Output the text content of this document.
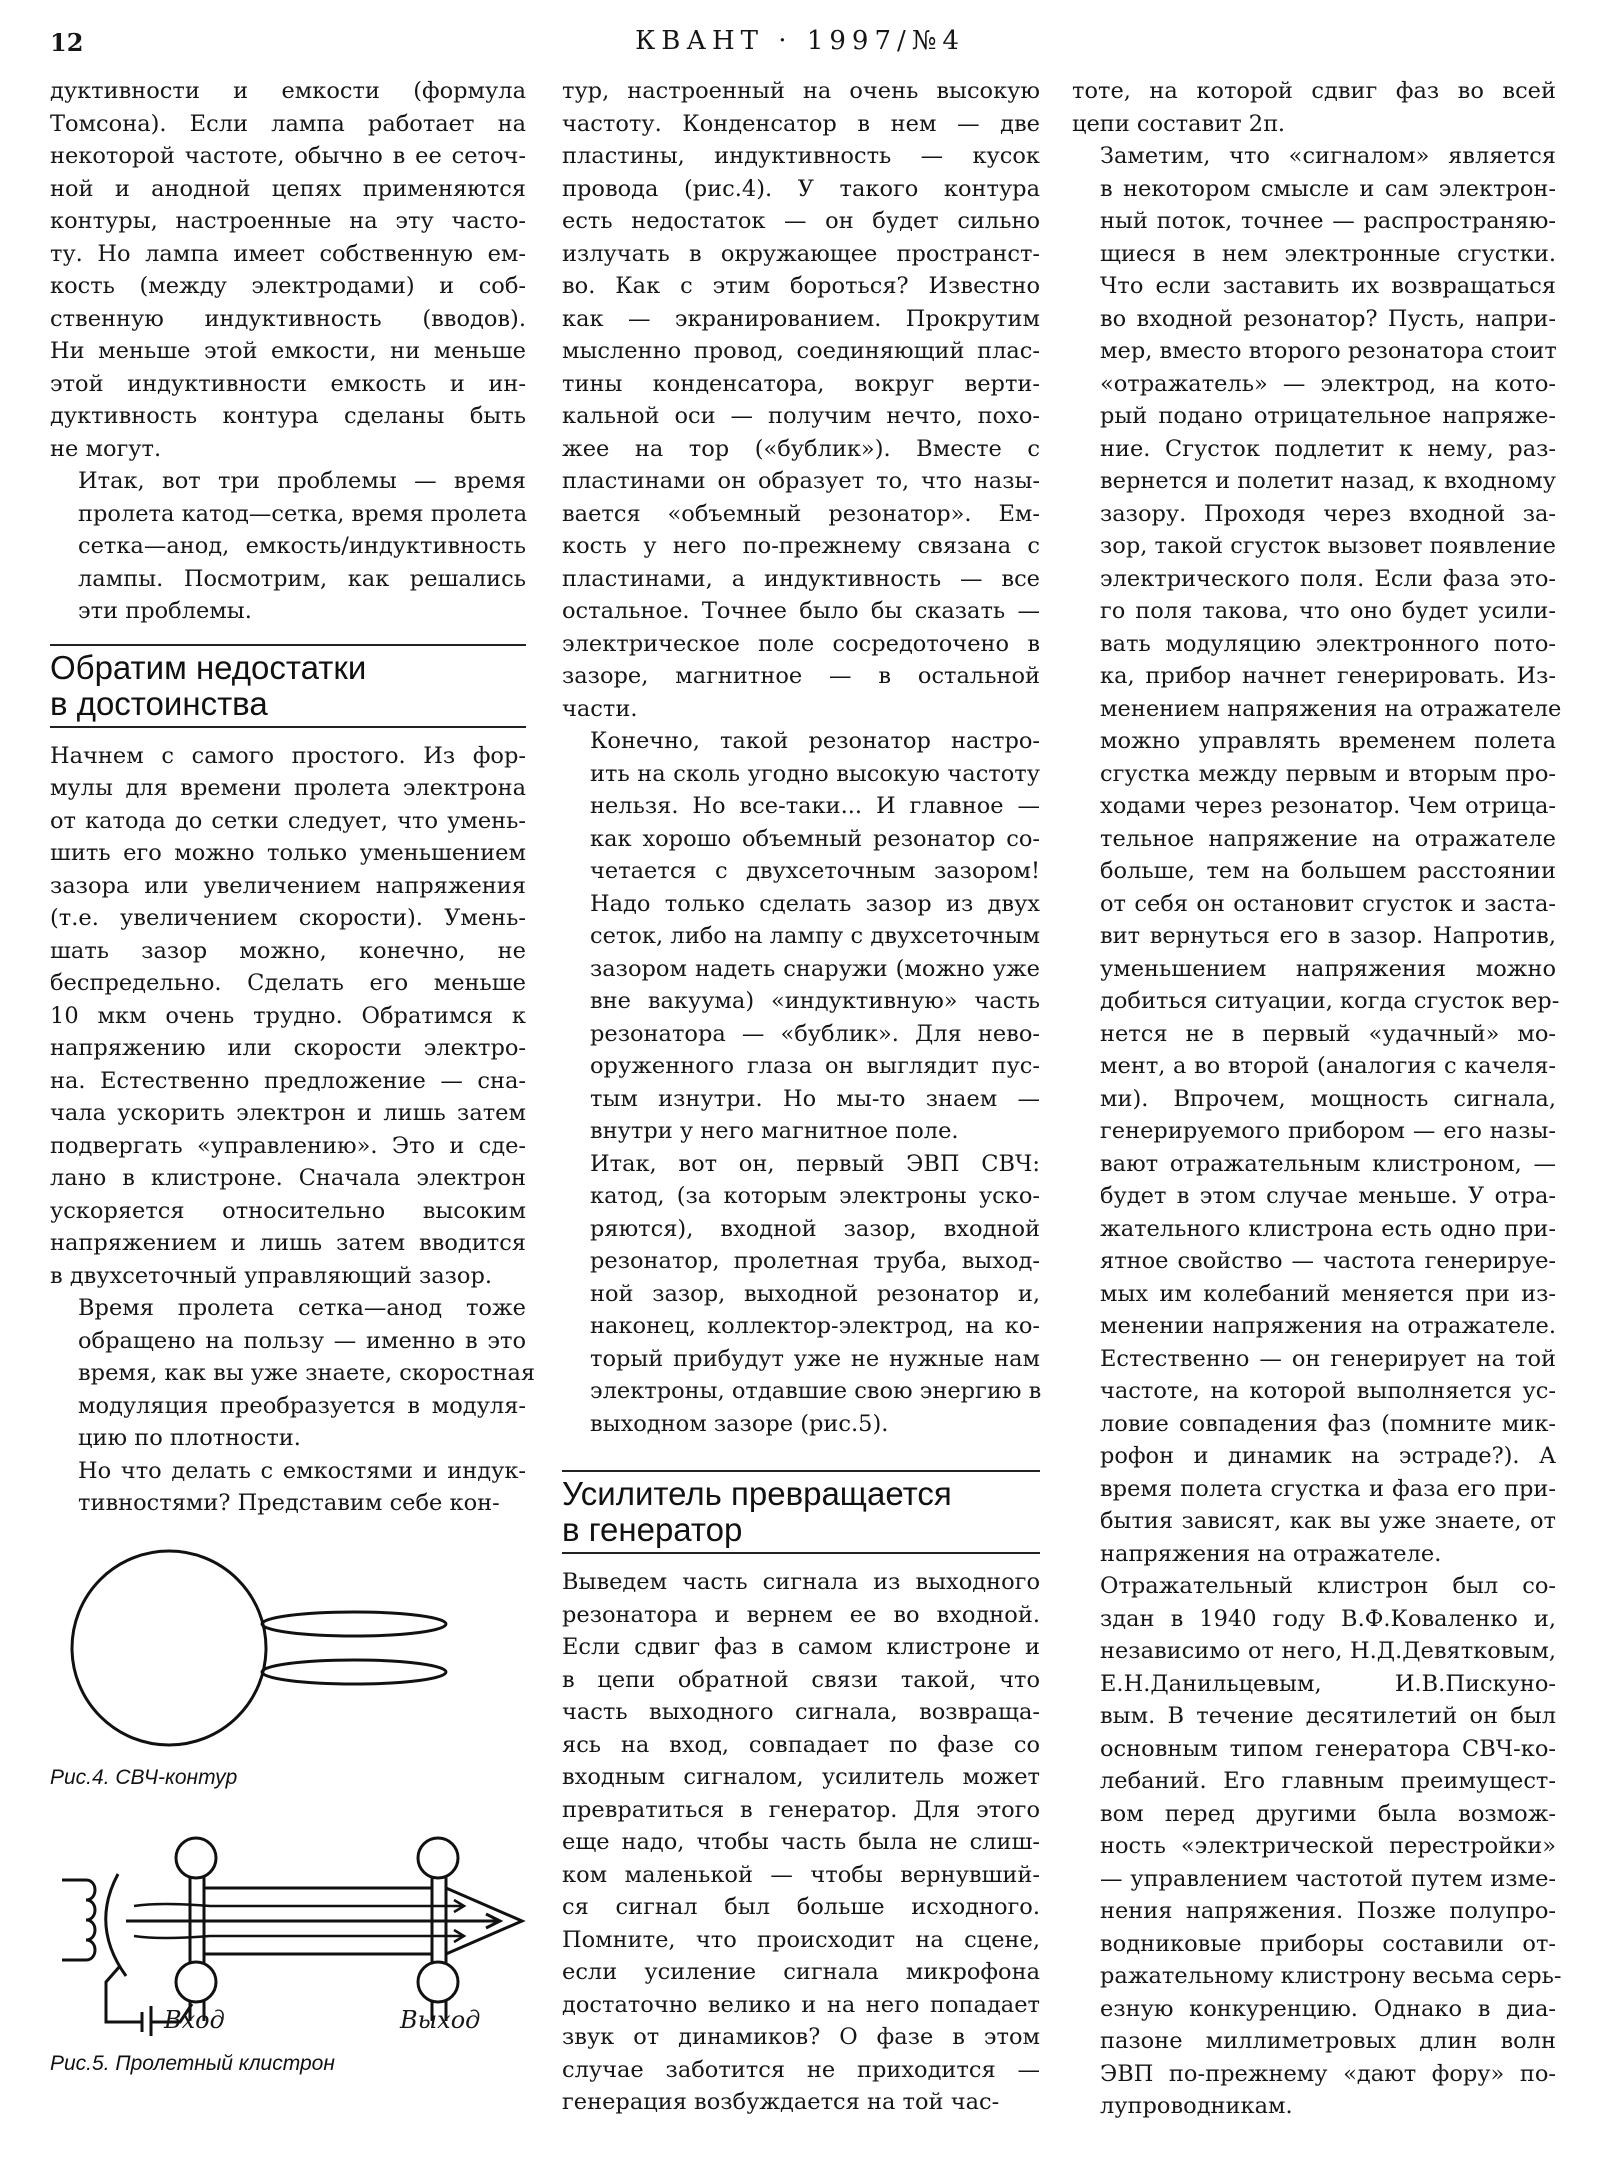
12	КВАНТ · 1997/№4

дуктивности и емкости (формула
Томсона). Если лампа работает на
некоторой частоте, обычно в ее сеточ-
ной и анодной цепях применяются
контуры, настроенные на эту часто-
ту. Но лампа имеет собственную ем-
кость (между электродами) и соб-
ственную индуктивность (вводов).
Ни меньше этой емкости, ни меньше
этой индуктивности емкость и ин-
дуктивность контура сделаны быть
не могут.

Итак, вот три проблемы — время
пролета катод—сетка, время пролета
сетка—анод, емкость/индуктивность
лампы. Посмотрим, как решались
эти проблемы.

Обратим недостатки
в достоинства

Начнем с самого простого. Из фор-
мулы для времени пролета электрона
от катода до сетки следует, что умень-
шить его можно только уменьшением
зазора или увеличением напряжения
(т.е. увеличением скорости). Умень-
шать зазор можно, конечно, не
беспредельно. Сделать его меньше
10 мкм очень трудно. Обратимся к
напряжению или скорости электро-
на. Естественно предложение — сна-
чала ускорить электрон и лишь затем
подвергать «управлению». Это и сде-
лано в клистроне. Сначала электрон
ускоряется относительно высоким
напряжением и лишь затем вводится
в двухсеточный управляющий зазор.

Время пролета сетка—анод тоже
обращено на пользу — именно в это
время, как вы уже знаете, скоростная
модуляция преобразуется в модуля-
цию по плотности.

Но что делать с емкостями и индук-
тивностями? Представим себе кон-

Рис.4. СВЧ-контур
Вход	Выход
Рис.5. Пролетный клистрон

тур, настроенный на очень высокую
частоту. Конденсатор в нем — две
пластины, индуктивность — кусок
провода (рис.4). У такого контура
есть недостаток — он будет сильно
излучать в окружающее пространст-
во. Как с этим бороться? Известно
как — экранированием. Прокрутим
мысленно провод, соединяющий плас-
тины конденсатора, вокруг верти-
кальной оси — получим нечто, похо-
жее на тор («бублик»). Вместе с
пластинами он образует то, что назы-
вается «объемный резонатор». Ем-
кость у него по-прежнему связана с
пластинами, а индуктивность — все
остальное. Точнее было бы сказать —
электрическое поле сосредоточено в
зазоре, магнитное — в остальной
части.

Конечно, такой резонатор настро-
ить на сколь угодно высокую частоту
нельзя. Но все-таки... И главное —
как хорошо объемный резонатор со-
четается с двухсеточным зазором!
Надо только сделать зазор из двух
сеток, либо на лампу с двухсеточным
зазором надеть снаружи (можно уже
вне вакуума) «индуктивную» часть
резонатора — «бублик». Для нево-
оруженного глаза он выглядит пус-
тым изнутри. Но мы-то знаем —
внутри у него магнитное поле.

Итак, вот он, первый ЭВП СВЧ:
катод, (за которым электроны уско-
ряются), входной зазор, входной
резонатор, пролетная труба, выход-
ной зазор, выходной резонатор и,
наконец, коллектор-электрод, на ко-
торый прибудут уже не нужные нам
электроны, отдавшие свою энергию в
выходном зазоре (рис.5).

Усилитель превращается
в генератор

Выведем часть сигнала из выходного
резонатора и вернем ее во входной.
Если сдвиг фаз в самом клистроне и
в цепи обратной связи такой, что
часть выходного сигнала, возвраща-
ясь на вход, совпадает по фазе со
входным сигналом, усилитель может
превратиться в генератор. Для этого
еще надо, чтобы часть была не слиш-
ком маленькой — чтобы вернувший-
ся сигнал был больше исходного.
Помните, что происходит на сцене,
если усиление сигнала микрофона
достаточно велико и на него попадает
звук от динамиков? О фазе в этом
случае заботится не приходится —
генерация возбуждается на той час-

тоте, на которой сдвиг фаз во всей
цепи составит 2π.

Заметим, что «сигналом» является
в некотором смысле и сам электрон-
ный поток, точнее — распространяю-
щиеся в нем электронные сгустки.
Что если заставить их возвращаться
во входной резонатор? Пусть, напри-
мер, вместо второго резонатора стоит
«отражатель» — электрод, на кото-
рый подано отрицательное напряже-
ние. Сгусток подлетит к нему, раз-
вернется и полетит назад, к входному
зазору. Проходя через входной за-
зор, такой сгусток вызовет появление
электрического поля. Если фаза это-
го поля такова, что оно будет усили-
вать модуляцию электронного пото-
ка, прибор начнет генерировать. Из-
менением напряжения на отражателе
можно управлять временем полета
сгустка между первым и вторым про-
ходами через резонатор. Чем отрица-
тельное напряжение на отражателе
больше, тем на большем расстоянии
от себя он остановит сгусток и заста-
вит вернуться его в зазор. Напротив,
уменьшением напряжения можно
добиться ситуации, когда сгусток вер-
нется не в первый «удачный» мо-
мент, а во второй (аналогия с качеля-
ми). Впрочем, мощность сигнала,
генерируемого прибором — его назы-
вают отражательным клистроном, —
будет в этом случае меньше. У отра-
жательного клистрона есть одно при-
ятное свойство — частота генерируе-
мых им колебаний меняется при из-
менении напряжения на отражателе.
Естественно — он генерирует на той
частоте, на которой выполняется ус-
ловие совпадения фаз (помните мик-
рофон и динамик на эстраде?). А
время полета сгустка и фаза его при-
бытия зависят, как вы уже знаете, от
напряжения на отражателе.

Отражательный клистрон был со-
здан в 1940 году В.Ф.Коваленко и,
независимо от него, Н.Д.Девятковым,
Е.Н.Данильцевым, И.В.Пискуно-
вым. В течение десятилетий он был
основным типом генератора СВЧ-ко-
лебаний. Его главным преимущест-
вом перед другими была возмож-
ность «электрической перестройки»
— управлением частотой путем изме-
нения напряжения. Позже полупро-
водниковые приборы составили от-
ражательному клистрону весьма серь-
езную конкуренцию. Однако в диа-
пазоне миллиметровых длин волн
ЭВП по-прежнему «дают фору» по-
лупроводникам.
